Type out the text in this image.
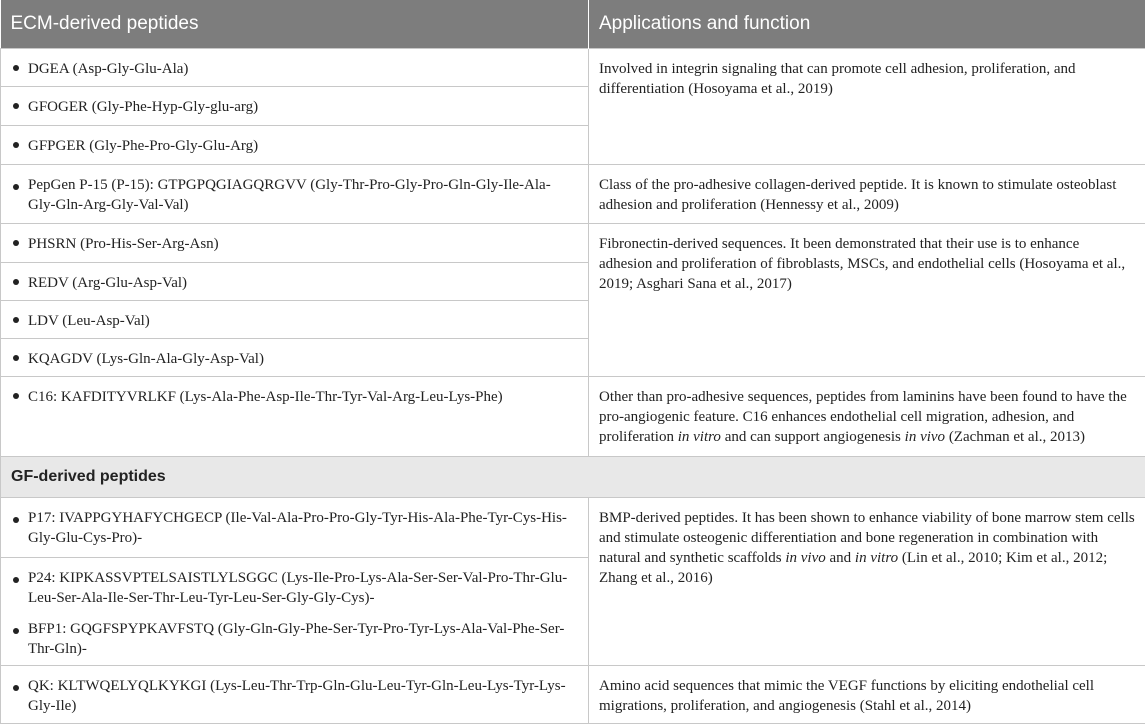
ECM-derived peptides	Applications and function
DGEA (Asp-Gly-Glu-Ala)	Involved in integrin signaling that can promote cell adhesion, proliferation, and differentiation (Hosoyama et al., 2019)
GFOGER (Gly-Phe-Hyp-Gly-glu-arg)	
GFPGER (Gly-Phe-Pro-Gly-Glu-Arg)	

PepGen P-15 (P-15): GTPGPQGIAGQRGVV (Gly-Thr-Pro-Gly-Pro-Gln-Gly-Ile-Ala-Gly-Gln-Arg-Gly-Val-Val)	Class of the pro-adhesive collagen-derived peptide. It is known to stimulate osteoblast adhesion and proliferation (Hennessy et al., 2009)
PHSRN (Pro-His-Ser-Arg-Asn)	Fibronectin-derived sequences. It been demonstrated that their use is to enhance adhesion and proliferation of fibroblasts, MSCs, and endothelial cells (Hosoyama et al., 2019; Asghari Sana et al., 2017)
REDV (Arg-Glu-Asp-Val)	
LDV (Leu-Asp-Val)	
KQAGDV (Lys-Gln-Ala-Gly-Asp-Val)	
C16: KAFDITYVRLKF (Lys-Ala-Phe-Asp-Ile-Thr-Tyr-Val-Arg-Leu-Lys-Phe)	Other than pro-adhesive sequences, peptides from laminins have been found to have the pro-angiogenic feature. C16 enhances endothelial cell migration, adhesion, and proliferation in vitro and can support angiogenesis in vivo (Zachman et al., 2013)
GF-derived peptides	

P17: IVAPPGYHAFYCHGECP (Ile-Val-Ala-Pro-Pro-Gly-Tyr-His-Ala-Phe-Tyr-Cys-His-Gly-Glu-Cys-Pro)-	BMP-derived peptides. It has been shown to enhance viability of bone marrow stem cells and stimulate osteogenic differentiation and bone regeneration in combination with natural and synthetic scaffolds in vivo and in vitro (Lin et al., 2010; Kim et al., 2012; Zhang et al., 2016)

P24: KIPKASSVPTELSAISTLYLSGGC (Lys-Ile-Pro-Lys-Ala-Ser-Ser-Val-Pro-Thr-Glu-Leu-Ser-Ala-Ile-Ser-Thr-Leu-Tyr-Leu-Ser-Gly-Gly-Cys)-
BFP1: GQGFSPYPKAVFSTQ (Gly-Gln-Gly-Phe-Ser-Tyr-Pro-Tyr-Lys-Ala-Val-Phe-Ser-Thr-Gln)-	

QK: KLTWQELYQLKYKGI (Lys-Leu-Thr-Trp-Gln-Glu-Leu-Tyr-Gln-Leu-Lys-Tyr-Lys-Gly-Ile)	Amino acid sequences that mimic the VEGF functions by eliciting endothelial cell migrations, proliferation, and angiogenesis (Stahl et al., 2014)
